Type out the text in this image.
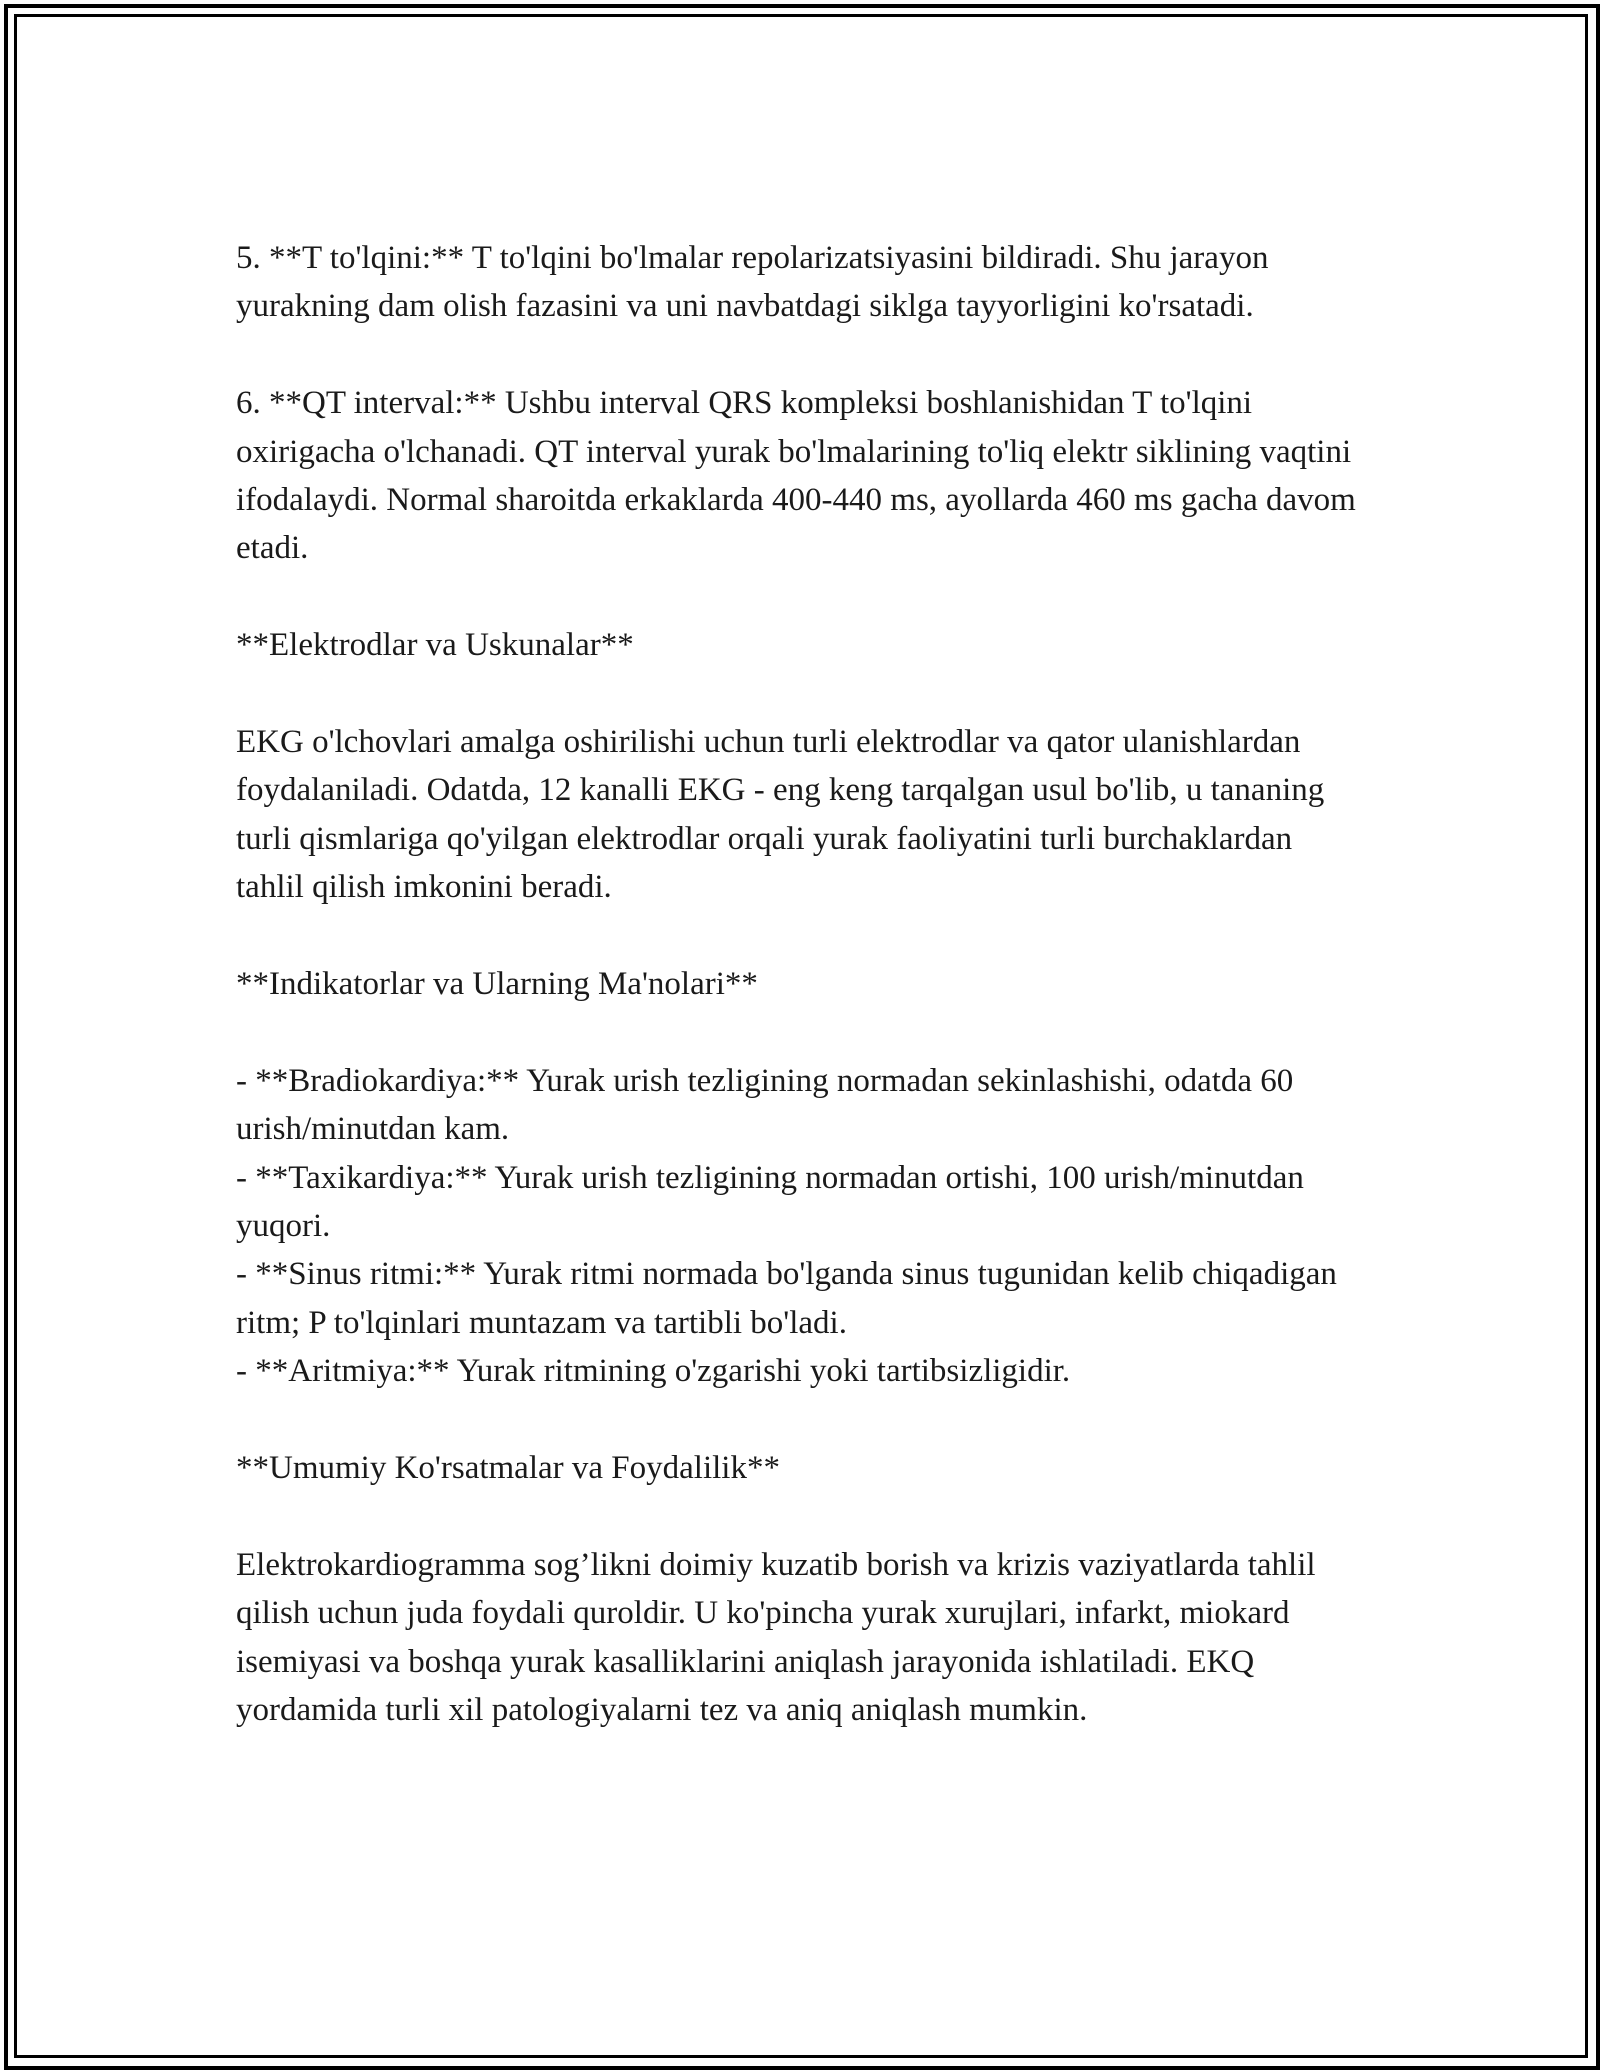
5. **T to'lqini:** T to'lqini bo'lmalar repolarizatsiyasini bildiradi. Shu jarayon yurakning dam olish fazasini va uni navbatdagi siklga tayyorligini ko'rsatadi.

6. **QT interval:** Ushbu interval QRS kompleksi boshlanishidan T to'lqini oxirigacha o'lchanadi. QT interval yurak bo'lmalarining to'liq elektr siklining vaqtini ifodalaydi. Normal sharoitda erkaklarda 400-440 ms, ayollarda 460 ms gacha davom etadi.

**Elektrodlar va Uskunalar**

EKG o'lchovlari amalga oshirilishi uchun turli elektrodlar va qator ulanishlardan foydalaniladi. Odatda, 12 kanalli EKG - eng keng tarqalgan usul bo'lib, u tananing turli qismlariga qo'yilgan elektrodlar orqali yurak faoliyatini turli burchaklardan tahlil qilish imkonini beradi.

**Indikatorlar va Ularning Ma'nolari**

- **Bradiokardiya:** Yurak urish tezligining normadan sekinlashishi, odatda 60 urish/minutdan kam.

- **Taxikardiya:** Yurak urish tezligining normadan ortishi, 100 urish/minutdan yuqori.

- **Sinus ritmi:** Yurak ritmi normada bo'lganda sinus tugunidan kelib chiqadigan ritm; P to'lqinlari muntazam va tartibli bo'ladi.

- **Aritmiya:** Yurak ritmining o'zgarishi yoki tartibsizligidir.

**Umumiy Ko'rsatmalar va Foydalilik**

Elektrokardiogramma sog’likni doimiy kuzatib borish va krizis vaziyatlarda tahlil qilish uchun juda foydali quroldir. U ko'pincha yurak xurujlari, infarkt, miokard isemiyasi va boshqa yurak kasalliklarini aniqlash jarayonida ishlatiladi. EKQ yordamida turli xil patologiyalarni tez va aniq aniqlash mumkin.
